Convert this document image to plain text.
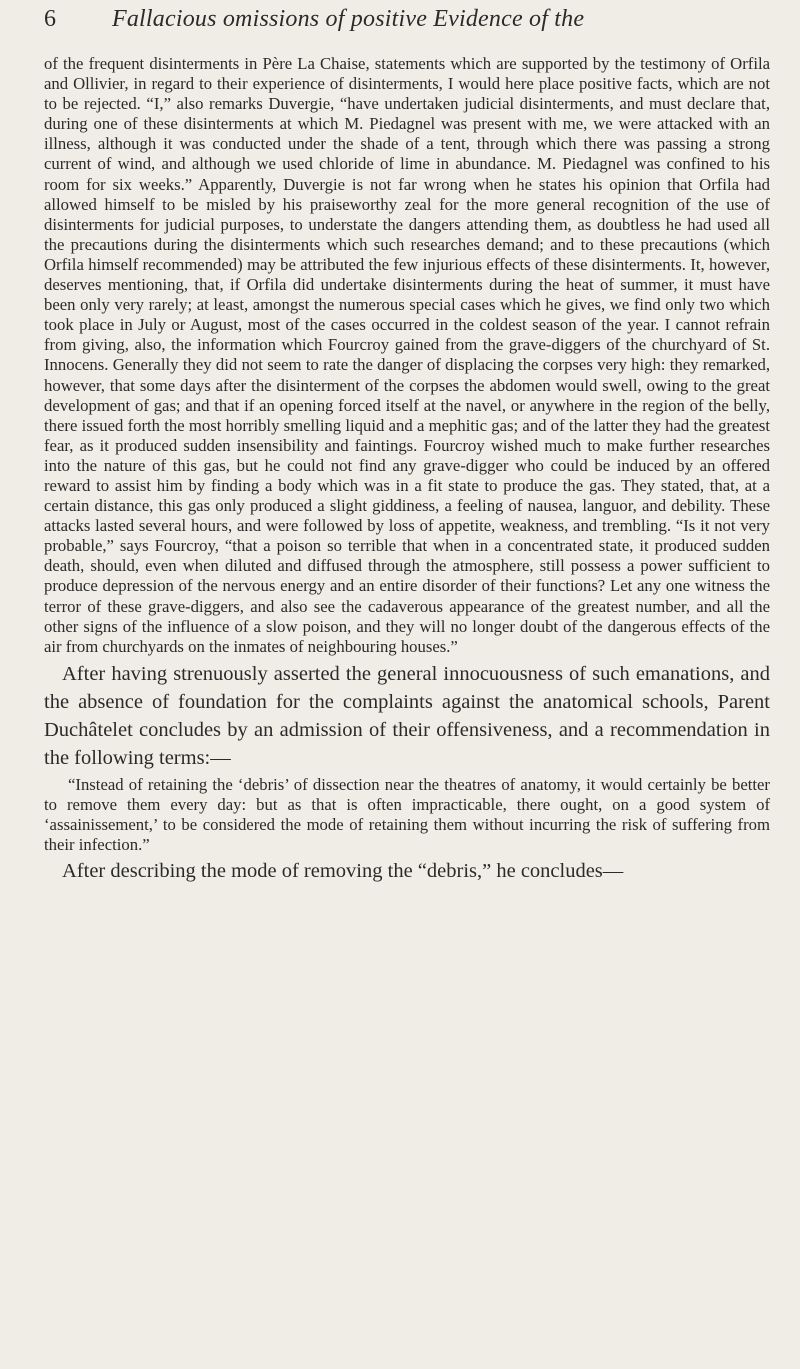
6	Fallacious omissions of positive Evidence of the

of the frequent disinterments in Père La Chaise, statements which are supported by the testimony of Orfila and Ollivier, in regard to their experience of disinterments, I would here place positive facts, which are not to be rejected. “I,” also remarks Duvergie, “have undertaken judicial disinterments, and must declare that, during one of these disinterments at which M. Piedagnel was present with me, we were attacked with an illness, although it was conducted under the shade of a tent, through which there was passing a strong current of wind, and although we used chloride of lime in abundance. M. Piedagnel was confined to his room for six weeks.” Apparently, Duvergie is not far wrong when he states his opinion that Orfila had allowed himself to be misled by his praiseworthy zeal for the more general recognition of the use of disinterments for judicial purposes, to understate the dangers attending them, as doubtless he had used all the precautions during the disinterments which such researches demand; and to these precautions (which Orfila himself recommended) may be attributed the few injurious effects of these disinterments. It, however, deserves mentioning, that, if Orfila did undertake disinterments during the heat of summer, it must have been only very rarely; at least, amongst the numerous special cases which he gives, we find only two which took place in July or August, most of the cases occurred in the coldest season of the year. I cannot refrain from giving, also, the information which Fourcroy gained from the grave-diggers of the churchyard of St. Innocens. Generally they did not seem to rate the danger of displacing the corpses very high: they remarked, however, that some days after the disinterment of the corpses the abdomen would swell, owing to the great development of gas; and that if an opening forced itself at the navel, or anywhere in the region of the belly, there issued forth the most horribly smelling liquid and a mephitic gas; and of the latter they had the greatest fear, as it produced sudden insensibility and faintings. Fourcroy wished much to make further researches into the nature of this gas, but he could not find any grave-digger who could be induced by an offered reward to assist him by finding a body which was in a fit state to produce the gas. They stated, that, at a certain distance, this gas only produced a slight giddiness, a feeling of nausea, languor, and debility. These attacks lasted several hours, and were followed by loss of appetite, weakness, and trembling. “Is it not very probable,” says Fourcroy, “that a poison so terrible that when in a concentrated state, it produced sudden death, should, even when diluted and diffused through the atmosphere, still possess a power sufficient to produce depression of the nervous energy and an entire disorder of their functions? Let any one witness the terror of these grave-diggers, and also see the cadaverous appearance of the greatest number, and all the other signs of the influence of a slow poison, and they will no longer doubt of the dangerous effects of the air from churchyards on the inmates of neighbouring houses.”

After having strenuously asserted the general innocuousness of such emanations, and the absence of foundation for the complaints against the anatomical schools, Parent Duchâtelet concludes by an admission of their offensiveness, and a recommendation in the following terms:—

“Instead of retaining the ‘debris’ of dissection near the theatres of anatomy, it would certainly be better to remove them every day: but as that is often impracticable, there ought, on a good system of ‘assainissement,’ to be considered the mode of retaining them without incurring the risk of suffering from their infection.”

After describing the mode of removing the “debris,” he concludes—
